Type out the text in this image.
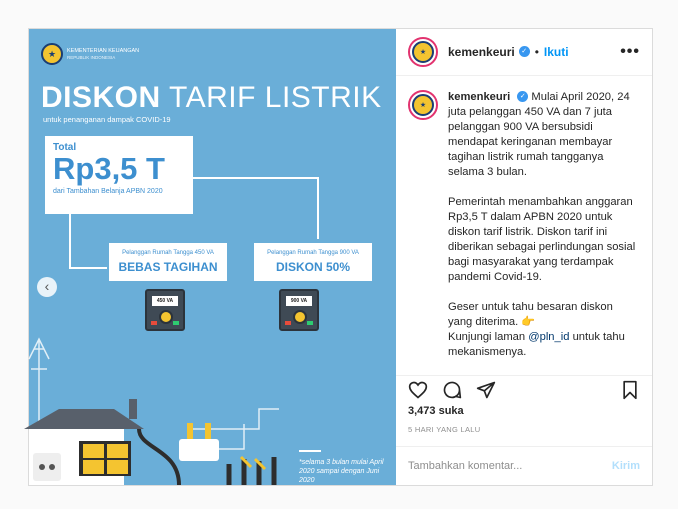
★	KEMENTERIAN KEUANGAN
REPUBLIK INDONESIA
DISKON TARIF LISTRIK
untuk penanganan dampak COVID-19
Total
Rp3,5 T
dari Tambahan Belanja APBN 2020
Pelanggan Rumah Tangga 450 VA
BEBAS TAGIHAN
Pelanggan Rumah Tangga 900 VA
DISKON 50%
450 VA	900 VA
‹
*selama 3 bulan mulai April 2020 sampai dengan Juni 2020
★	kemenkeuri ✓ • Ikuti	•••
★

kemenkeuri ✓ Mulai April 2020, 24 juta pelanggan 450 VA dan 7 juta pelanggan 900 VA bersubsidi mendapat keringanan membayar tagihan listrik rumah tangganya selama 3 bulan.

Pemerintah menambahkan anggaran Rp3,5 T dalam APBN 2020 untuk diskon tarif listrik. Diskon tarif ini diberikan sebagai perlindungan sosial bagi masyarakat yang terdampak pandemi Covid-19.

Geser untuk tahu besaran diskon yang diterima. 👉
Kunjungi laman @pln_id untuk tahu mekanismenya.

3,473 suka
5 HARI YANG LALU
Tambahkan komentar...
Kirim
